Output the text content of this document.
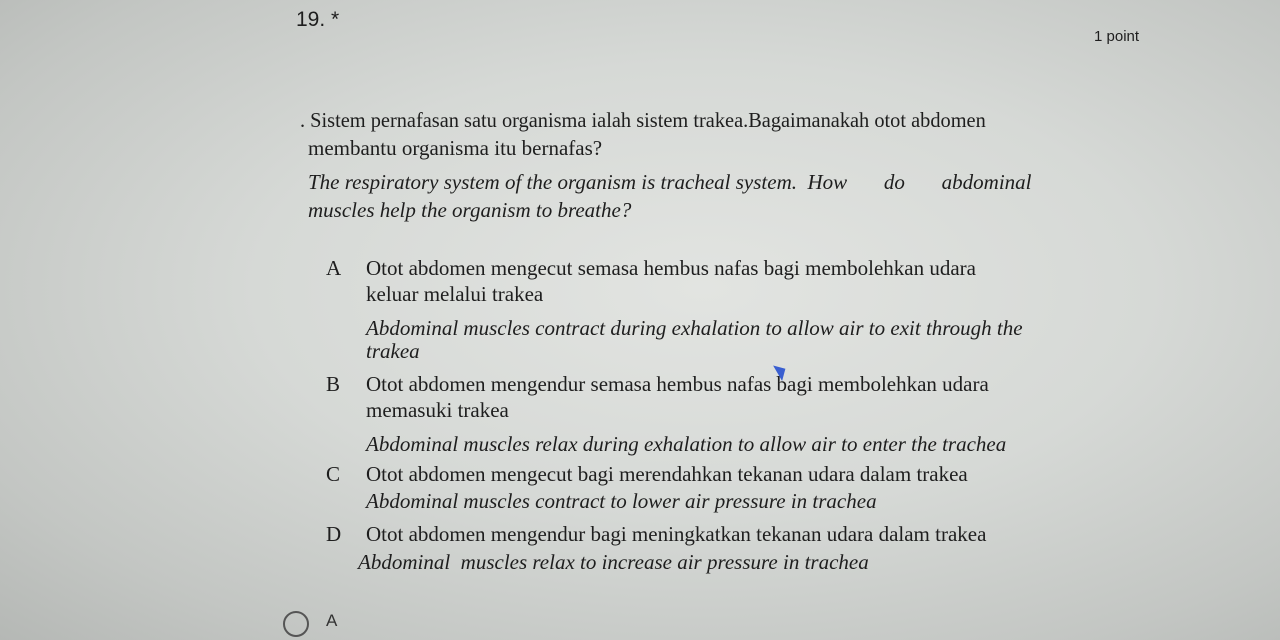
19. *
1 point
. Sistem pernafasan satu organisma ialah sistem trakea.Bagaimanakah otot abdomen
membantu organisma itu bernafas?
The respiratory system of the organism is tracheal system.  How       do       abdominal
muscles help the organism to breathe?
A Otot abdomen mengecut semasa hembus nafas bagi membolehkan udara
keluar melalui trakea
Abdominal muscles contract during exhalation to allow air to exit through the
trakea
B Otot abdomen mengendur semasa hembus nafas bagi membolehkan udara
memasuki trakea
Abdominal muscles relax during exhalation to allow air to enter the trachea
C Otot abdomen mengecut bagi merendahkan tekanan udara dalam trakea
Abdominal muscles contract to lower air pressure in trachea
D Otot abdomen mengendur bagi meningkatkan tekanan udara dalam trakea
Abdominal  muscles relax to increase air pressure in trachea
A
